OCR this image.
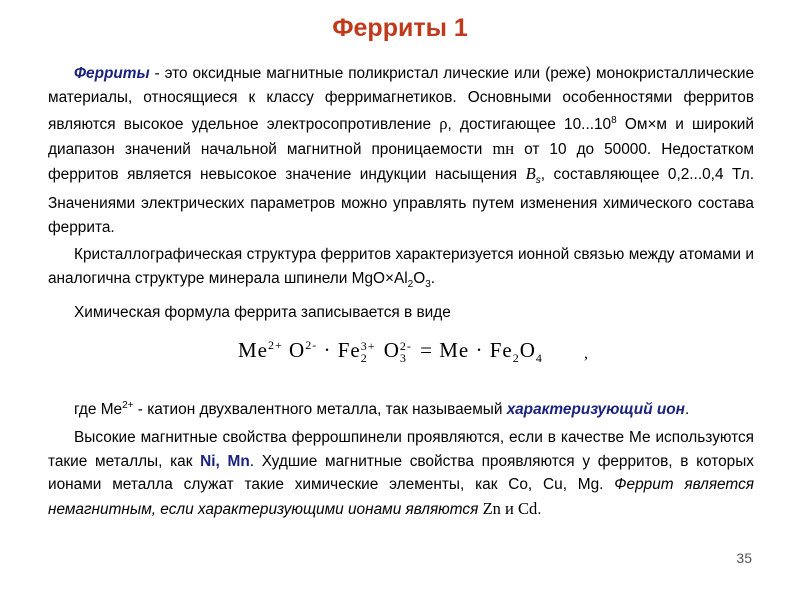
Ферриты 1

Ферриты - это оксидные магнитные поликристал лические или (реже) монокристаллические материалы, относящиеся к классу ферримагнетиков. Основными особенностями ферритов являются высокое удельное электросопротивление ρ, достигающее 10...10$^8$ Ом×м и широкий диапазон значений начальной магнитной проницаемости mн от 10 до 50000. Недостатком ферритов является невысокое значение индукции насыщения $B_s$, составляющее 0,2...0,4 Тл. Значениями электрических параметров можно управлять путем изменения химического состава феррита.

Кристаллографическая структура ферритов характеризуется ионной связью между атомами и аналогична структуре минерала шпинели $MgO\times Al_2O_3$.

Химическая формула феррита записывается в виде

$Me^{2+}$ $O^{2-} \cdot Fe$ 3+
2 O 2-
$3 = Me \cdot Fe_2O_4$	,

где $Me^{2+}$ - катион двухвалентного металла, так называемый характеризующий ион.

Высокие магнитные свойства феррошпинели проявляются, если в качестве Ме используются такие металлы, как Ni, Mn. Худшие магнитные свойства проявляются у ферритов, в которых ионами металла служат такие химические элементы, как Co, Cu, Mg. Феррит является немагнитным, если характеризующими ионами являются Zn и Cd.

35
